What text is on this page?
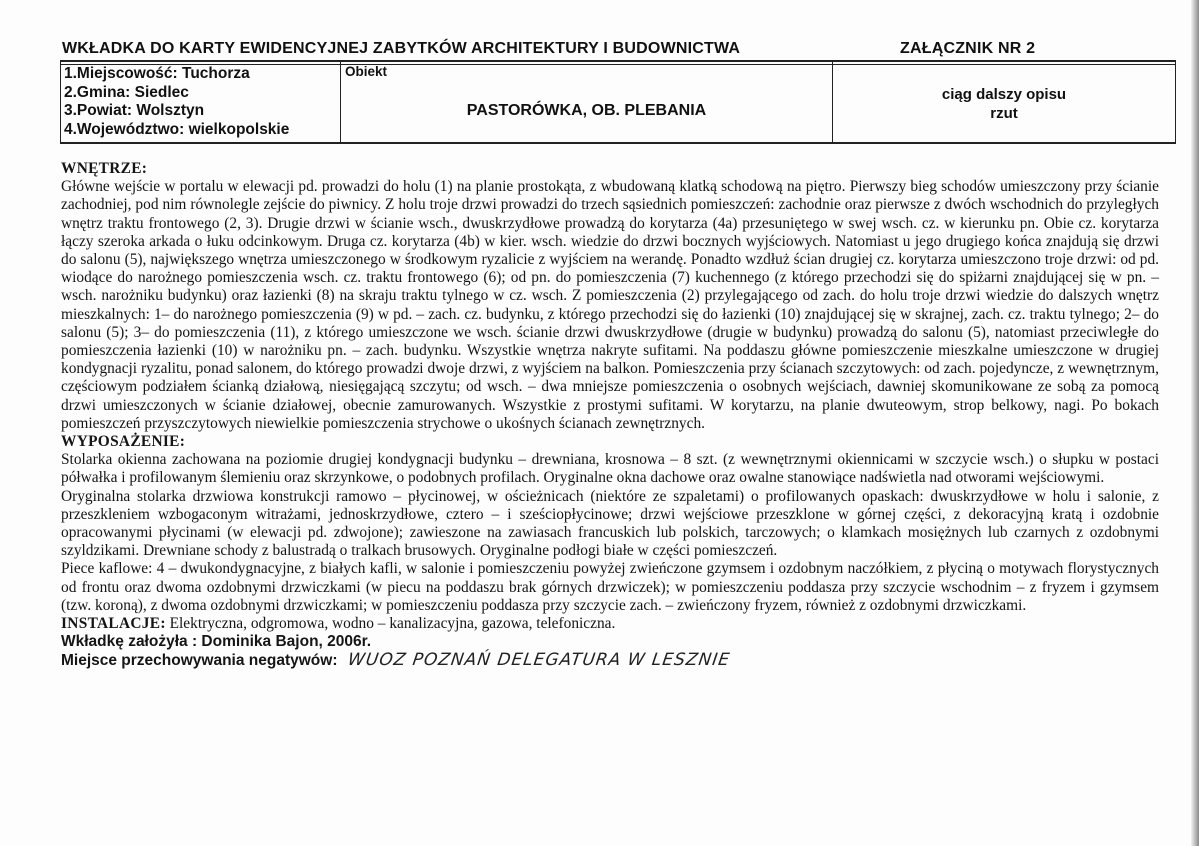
WKŁADKA DO KARTY EWIDENCYJNEJ ZABYTKÓW ARCHITEKTURY I BUDOWNICTWA	ZAŁĄCZNIK NR 2
1.Miejscowość: Tuchorza
2.Gmina: Siedlec
3.Powiat: Wolsztyn
4.Województwo: wielkopolskie
Obiekt
PASTORÓWKA, OB. PLEBANIA
ciąg dalszy opisu
rzut
WNĘTRZE:

Główne wejście w portalu w elewacji pd. prowadzi do holu (1) na planie prostokąta, z wbudowaną klatką schodową na piętro. Pierwszy bieg schodów umieszczony przy ścianie zachodniej, pod nim równolegle zejście do piwnicy. Z holu troje drzwi prowadzi do trzech sąsiednich pomieszczeń: zachodnie oraz pierwsze z dwóch wschodnich do przyległych wnętrz traktu frontowego (2, 3). Drugie drzwi w ścianie wsch., dwuskrzydłowe prowadzą do korytarza (4a) przesuniętego w swej wsch. cz. w kierunku pn. Obie cz. korytarza łączy szeroka arkada o łuku odcinkowym. Druga cz. korytarza (4b) w kier. wsch. wiedzie do drzwi bocznych wyjściowych. Natomiast u jego drugiego końca znajdują się drzwi do salonu (5), największego wnętrza umieszczonego w środkowym ryzalicie z wyjściem na werandę. Ponadto wzdłuż ścian drugiej cz. korytarza umieszczono troje drzwi: od pd. wiodące do narożnego pomieszczenia wsch. cz. traktu frontowego (6); od pn. do pomieszczenia (7) kuchennego (z którego przechodzi się do spiżarni znajdującej się w pn. – wsch. narożniku budynku) oraz łazienki (8) na skraju traktu tylnego w cz. wsch. Z pomieszczenia (2) przylegającego od zach. do holu troje drzwi wiedzie do dalszych wnętrz mieszkalnych: 1– do narożnego pomieszczenia (9) w pd. – zach. cz. budynku, z którego przechodzi się do łazienki (10) znajdującej się w skrajnej, zach. cz. traktu tylnego; 2– do salonu (5); 3– do pomieszczenia (11), z którego umieszczone we wsch. ścianie drzwi dwuskrzydłowe (drugie w budynku) prowadzą do salonu (5), natomiast przeciwległe do pomieszczenia łazienki (10) w narożniku pn. – zach. budynku. Wszystkie wnętrza nakryte sufitami. Na poddaszu główne pomieszczenie mieszkalne umieszczone w drugiej kondygnacji ryzalitu, ponad salonem, do którego prowadzi dwoje drzwi, z wyjściem na balkon. Pomieszczenia przy ścianach szczytowych: od zach. pojedyncze, z wewnętrznym, częściowym podziałem ścianką działową, niesięgającą szczytu; od wsch. – dwa mniejsze pomieszczenia o osobnych wejściach, dawniej skomunikowane ze sobą za pomocą drzwi umieszczonych w ścianie działowej, obecnie zamurowanych. Wszystkie z prostymi sufitami. W korytarzu, na planie dwuteowym, strop belkowy, nagi. Po bokach pomieszczeń przyszczytowych niewielkie pomieszczenia strychowe o ukośnych ścianach zewnętrznych.

WYPOSAŻENIE:

Stolarka okienna zachowana na poziomie drugiej kondygnacji budynku – drewniana, krosnowa – 8 szt. (z wewnętrznymi okiennicami w szczycie wsch.) o słupku w postaci półwałka i profilowanym ślemieniu oraz skrzynkowe, o podobnych profilach. Oryginalne okna dachowe oraz owalne stanowiące nadświetla nad otworami wejściowymi.

Oryginalna stolarka drzwiowa konstrukcji ramowo – płycinowej, w ościeżnicach (niektóre ze szpaletami) o profilowanych opaskach: dwuskrzydłowe w holu i salonie, z przeszkleniem wzbogaconym witrażami, jednoskrzydłowe, cztero – i sześciopłycinowe; drzwi wejściowe przeszklone w górnej części, z dekoracyjną kratą i ozdobnie opracowanymi płycinami (w elewacji pd. zdwojone); zawieszone na zawiasach francuskich lub polskich, tarczowych; o klamkach mosiężnych lub czarnych z ozdobnymi szyldzikami. Drewniane schody z balustradą o tralkach brusowych. Oryginalne podłogi białe w części pomieszczeń.

Piece kaflowe: 4 – dwukondygnacyjne, z białych kafli, w salonie i pomieszczeniu powyżej zwieńczone gzymsem i ozdobnym naczółkiem, z płyciną o motywach florystycznych od frontu oraz dwoma ozdobnymi drzwiczkami (w piecu na poddaszu brak górnych drzwiczek); w pomieszczeniu poddasza przy szczycie wschodnim – z fryzem i gzymsem (tzw. koroną), z dwoma ozdobnymi drzwiczkami; w pomieszczeniu poddasza przy szczycie zach. – zwieńczony fryzem, również z ozdobnymi drzwiczkami.

INSTALACJE: Elektryczna, odgromowa, wodno – kanalizacyjna, gazowa, telefoniczna.
Wkładkę założyła : Dominika Bajon, 2006r.
Miejsce przechowywania negatywów: WUOZ POZNAŃ DELEGATURA W LESZNIE
